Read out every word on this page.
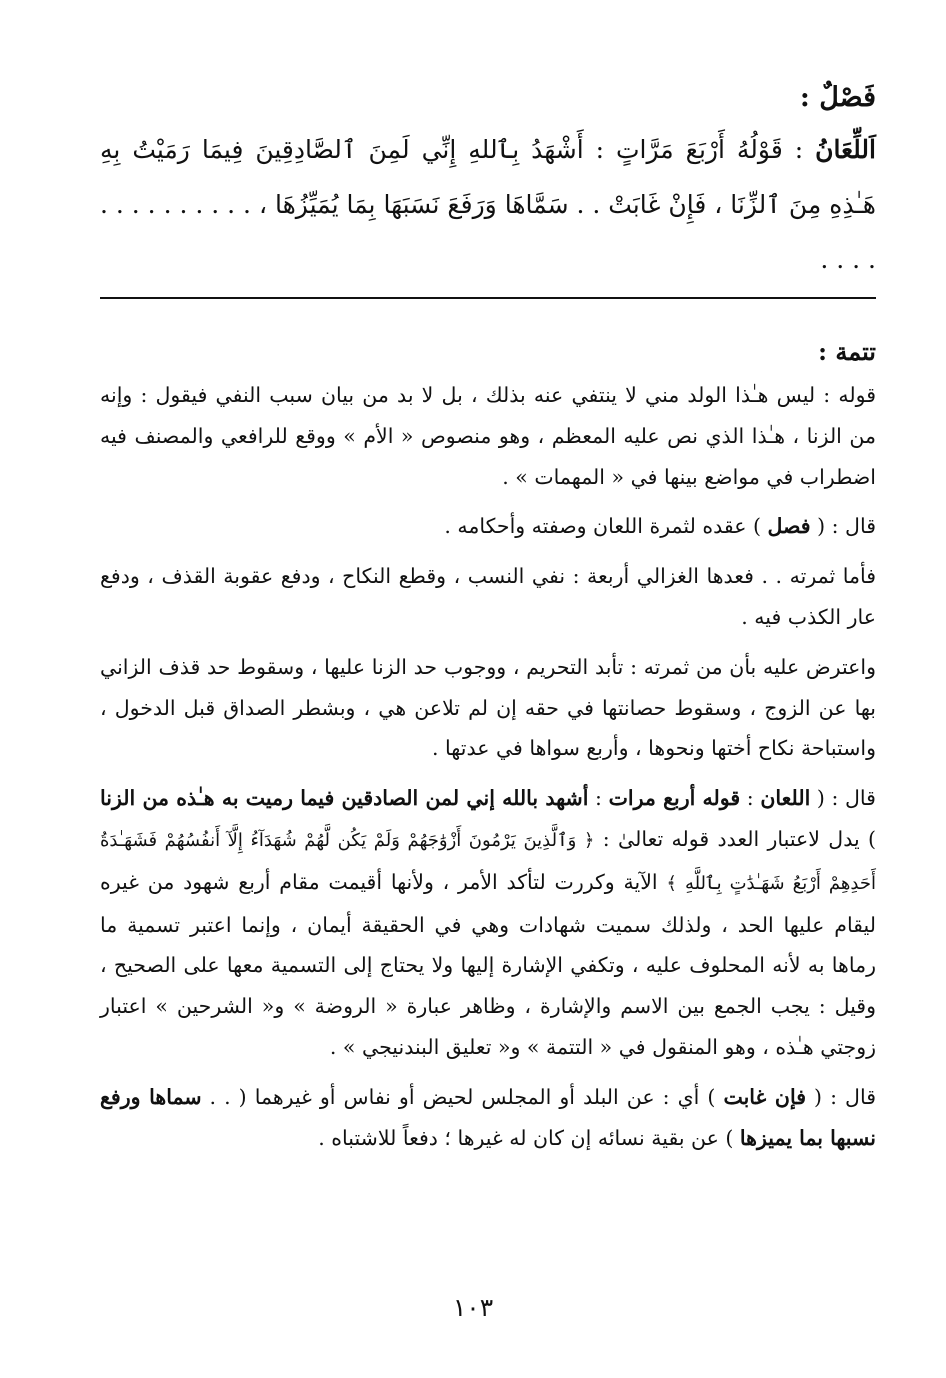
فَصْلٌ :

اَللِّعَانُ : قَوْلُهُ أَرْبَعَ مَرَّاتٍ : أَشْهَدُ بِٱللهِ إِنِّي لَمِنَ ٱلصَّادِقِينَ فِيمَا رَمَيْتُ بِهِ هَـٰذِهِ مِنَ ٱلزِّنَا ، فَإِنْ غَابَتْ . . سَمَّاهَا وَرَفَعَ نَسَبَهَا بِمَا يُمَيِّزُهَا ، . . . . . . . . . . . . . .

تتمة :

قوله : ليس هـٰذا الولد مني لا ينتفي عنه بذلك ، بل لا بد من بيان سبب النفي فيقول : وإنه من الزنا ، هـٰذا الذي نص عليه المعظم ، وهو منصوص « الأم » ووقع للرافعي والمصنف فيه اضطراب في مواضع بينها في « المهمات » .

قال : ( فصل ) عقده لثمرة اللعان وصفته وأحكامه .

فأما ثمرته . . فعدها الغزالي أربعة : نفي النسب ، وقطع النكاح ، ودفع عقوبة القذف ، ودفع عار الكذب فيه .

واعترض عليه بأن من ثمرته : تأبد التحريم ، ووجوب حد الزنا عليها ، وسقوط حد قذف الزاني بها عن الزوج ، وسقوط حصانتها في حقه إن لم تلاعن هي ، وبشطر الصداق قبل الدخول ، واستباحة نكاح أختها ونحوها ، وأربع سواها في عدتها .

قال : ( اللعان : قوله أربع مرات : أشهد بالله إني لمن الصادقين فيما رميت به هـٰذه من الزنا ) يدل لاعتبار العدد قوله تعالىٰ : ﴿ وَٱلَّذِينَ يَرْمُونَ أَزْوَٰجَهُمْ وَلَمْ يَكُن لَّهُمْ شُهَدَآءُ إِلَّآ أَنفُسُهُمْ فَشَهَـٰدَةُ أَحَدِهِمْ أَرْبَعُ شَهَـٰدَٰتٍ بِٱللَّهِ ﴾ الآية وكررت لتأكد الأمر ، ولأنها أقيمت مقام أربع شهود من غيره ليقام عليها الحد ، ولذلك سميت شهادات وهي في الحقيقة أيمان ، وإنما اعتبر تسمية ما رماها به لأنه المحلوف عليه ، وتكفي الإشارة إليها ولا يحتاج إلى التسمية معها على الصحيح ، وقيل : يجب الجمع بين الاسم والإشارة ، وظاهر عبارة « الروضة » و« الشرحين » اعتبار زوجتي هـٰذه ، وهو المنقول في « التتمة » و« تعليق البندنيجي » .

قال : ( فإن غابت ) أي : عن البلد أو المجلس لحيض أو نفاس أو غيرهما ( . . سماها ورفع نسبها بما يميزها ) عن بقية نسائه إن كان له غيرها ؛ دفعاً للاشتباه .

١٠٣
